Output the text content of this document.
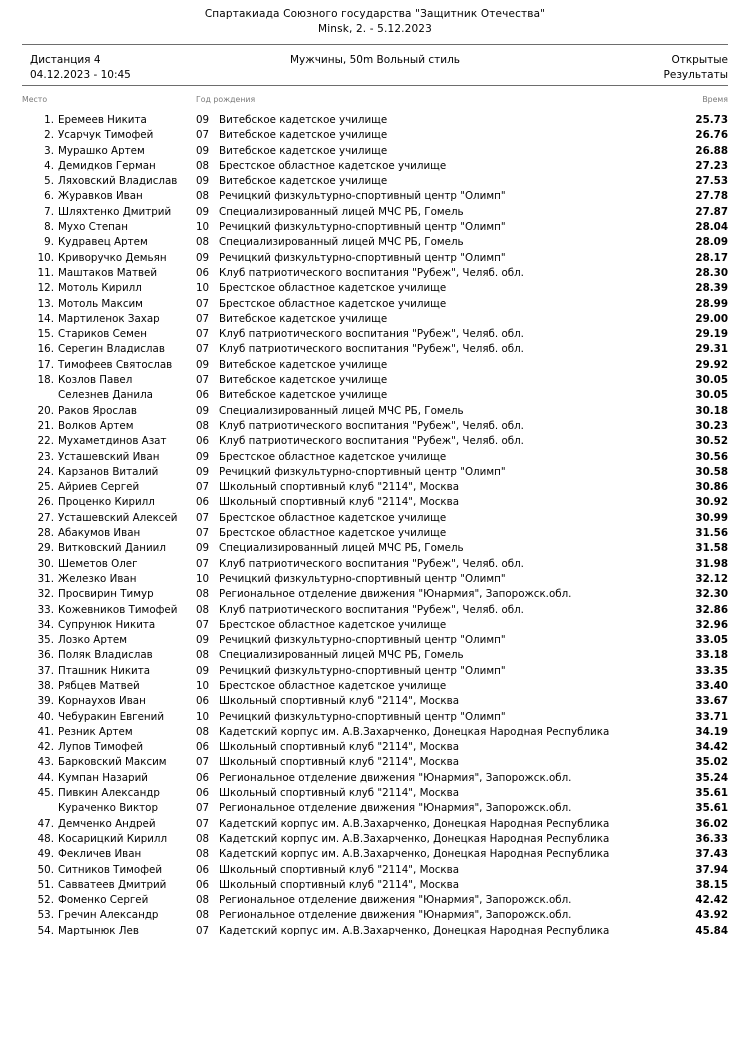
Спартакиада Союзного государства "Защитник Отечества"
Minsk, 2. - 5.12.2023
Дистанция 4
04.12.2023 - 10:45
Мужчины, 50m Вольный стиль	Открытые
Результаты
Место	Год рождения	Время
1. Еремеев Никита	09 Витебское кадетское училище	25.73
2. Усарчук Тимофей	07 Витебское кадетское училище	26.76
3. Мурашко Артем	09 Витебское кадетское училище	26.88
4. Демидков Герман	08 Брестское областное кадетское училище	27.23
5. Ляховский Владислав	09 Витебское кадетское училище	27.53
6. Журавков Иван	08 Речицкий физкультурно-спортивный центр "Олимп"	27.78
7. Шляхтенко Дмитрий	09 Специализированный лицей МЧС РБ, Гомель	27.87
8. Мухо Степан	10 Речицкий физкультурно-спортивный центр "Олимп"	28.04
9. Кудравец Артем	08 Специализированный лицей МЧС РБ, Гомель	28.09
10. Криворучко Демьян	09 Речицкий физкультурно-спортивный центр "Олимп"	28.17
11. Маштаков Матвей	06 Клуб патриотического воспитания "Рубеж", Челяб. обл.	28.30
12. Мотоль Кирилл	10 Брестское областное кадетское училище	28.39
13. Мотоль Максим	07 Брестское областное кадетское училище	28.99
14. Мартиленок Захар	07 Витебское кадетское училище	29.00
15. Стариков Семен	07 Клуб патриотического воспитания "Рубеж", Челяб. обл.	29.19
16. Серегин Владислав	07 Клуб патриотического воспитания "Рубеж", Челяб. обл.	29.31
17. Тимофеев Святослав	09 Витебское кадетское училище	29.92
18. Козлов Павел	07 Витебское кадетское училище	30.05
Селезнев Данила	06 Витебское кадетское училище	30.05
20. Раков Ярослав	09 Специализированный лицей МЧС РБ, Гомель	30.18
21. Волков Артем	08 Клуб патриотического воспитания "Рубеж", Челяб. обл.	30.23
22. Мухаметдинов Азат	06 Клуб патриотического воспитания "Рубеж", Челяб. обл.	30.52
23. Усташевский Иван	09 Брестское областное кадетское училище	30.56
24. Карзанов Виталий	09 Речицкий физкультурно-спортивный центр "Олимп"	30.58
25. Айриев Сергей	07 Школьный спортивный клуб "2114", Москва	30.86
26. Проценко Кирилл	06 Школьный спортивный клуб "2114", Москва	30.92
27. Усташевский Алексей	07 Брестское областное кадетское училище	30.99
28. Абакумов Иван	07 Брестское областное кадетское училище	31.56
29. Витковский Даниил	09 Специализированный лицей МЧС РБ, Гомель	31.58
30. Шеметов Олег	07 Клуб патриотического воспитания "Рубеж", Челяб. обл.	31.98
31. Железко Иван	10 Речицкий физкультурно-спортивный центр "Олимп"	32.12
32. Просвирин Тимур	08 Региональное отделение движения "Юнармия", Запорожск.обл.	32.30
33. Кожевников Тимофей	08 Клуб патриотического воспитания "Рубеж", Челяб. обл.	32.86
34. Супрунюк Никита	07 Брестское областное кадетское училище	32.96
35. Лозко Артем	09 Речицкий физкультурно-спортивный центр "Олимп"	33.05
36. Поляк Владислав	08 Специализированный лицей МЧС РБ, Гомель	33.18
37. Пташник Никита	09 Речицкий физкультурно-спортивный центр "Олимп"	33.35
38. Рябцев Матвей	10 Брестское областное кадетское училище	33.40
39. Корнаухов Иван	06 Школьный спортивный клуб "2114", Москва	33.67
40. Чебуракин Евгений	10 Речицкий физкультурно-спортивный центр "Олимп"	33.71
41. Резник Артем	08 Кадетский корпус им. А.В.Захарченко, Донецкая Народная Республика	34.19
42. Лупов Тимофей	06 Школьный спортивный клуб "2114", Москва	34.42
43. Барковский Максим	07 Школьный спортивный клуб "2114", Москва	35.02
44. Кумпан Назарий	06 Региональное отделение движения "Юнармия", Запорожск.обл.	35.24
45. Пивкин Александр	06 Школьный спортивный клуб "2114", Москва	35.61
Кураченко Виктор	07 Региональное отделение движения "Юнармия", Запорожск.обл.	35.61
47. Демченко Андрей	07 Кадетский корпус им. А.В.Захарченко, Донецкая Народная Республика	36.02
48. Косарицкий Кирилл	08 Кадетский корпус им. А.В.Захарченко, Донецкая Народная Республика	36.33
49. Фекличев Иван	08 Кадетский корпус им. А.В.Захарченко, Донецкая Народная Республика	37.43
50. Ситников Тимофей	06 Школьный спортивный клуб "2114", Москва	37.94
51. Савватеев Дмитрий	06 Школьный спортивный клуб "2114", Москва	38.15
52. Фоменко Сергей	08 Региональное отделение движения "Юнармия", Запорожск.обл.	42.42
53. Гречин Александр	08 Региональное отделение движения "Юнармия", Запорожск.обл.	43.92
54. Мартынюк Лев	07 Кадетский корпус им. А.В.Захарченко, Донецкая Народная Республика	45.84
